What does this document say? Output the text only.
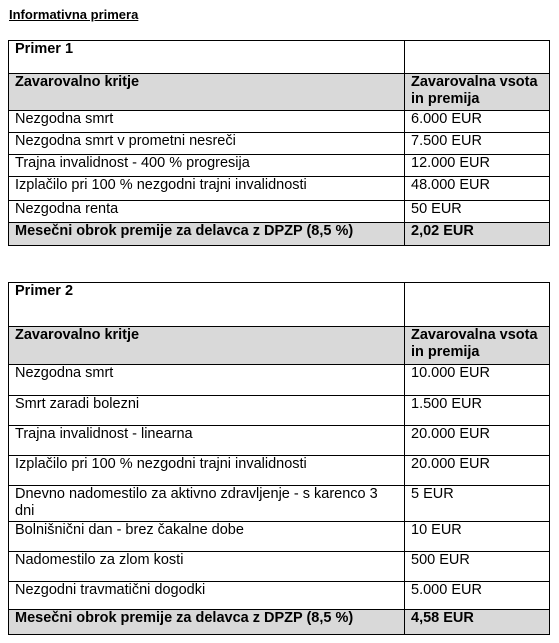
Informativna primera
Primer 1	
Zavarovalno kritje	Zavarovalna vsota in premija
Nezgodna smrt	6.000 EUR
Nezgodna smrt v prometni nesreči	7.500 EUR
Trajna invalidnost - 400 % progresija	12.000 EUR
Izplačilo pri 100 % nezgodni trajni invalidnosti	48.000 EUR
Nezgodna renta	50 EUR
Mesečni obrok premije za delavca z DPZP (8,5 %)	2,02 EUR
Primer 2	
Zavarovalno kritje	Zavarovalna vsota in premija
Nezgodna smrt	10.000 EUR
Smrt zaradi bolezni	1.500 EUR
Trajna invalidnost - linearna	20.000 EUR
Izplačilo pri 100 % nezgodni trajni invalidnosti	20.000 EUR
Dnevno nadomestilo za aktivno zdravljenje - s karenco 3 dni	5 EUR
Bolnišnični dan - brez čakalne dobe	10 EUR
Nadomestilo za zlom kosti	500 EUR
Nezgodni travmatični dogodki	5.000 EUR
Mesečni obrok premije za delavca z DPZP (8,5 %)	4,58 EUR
